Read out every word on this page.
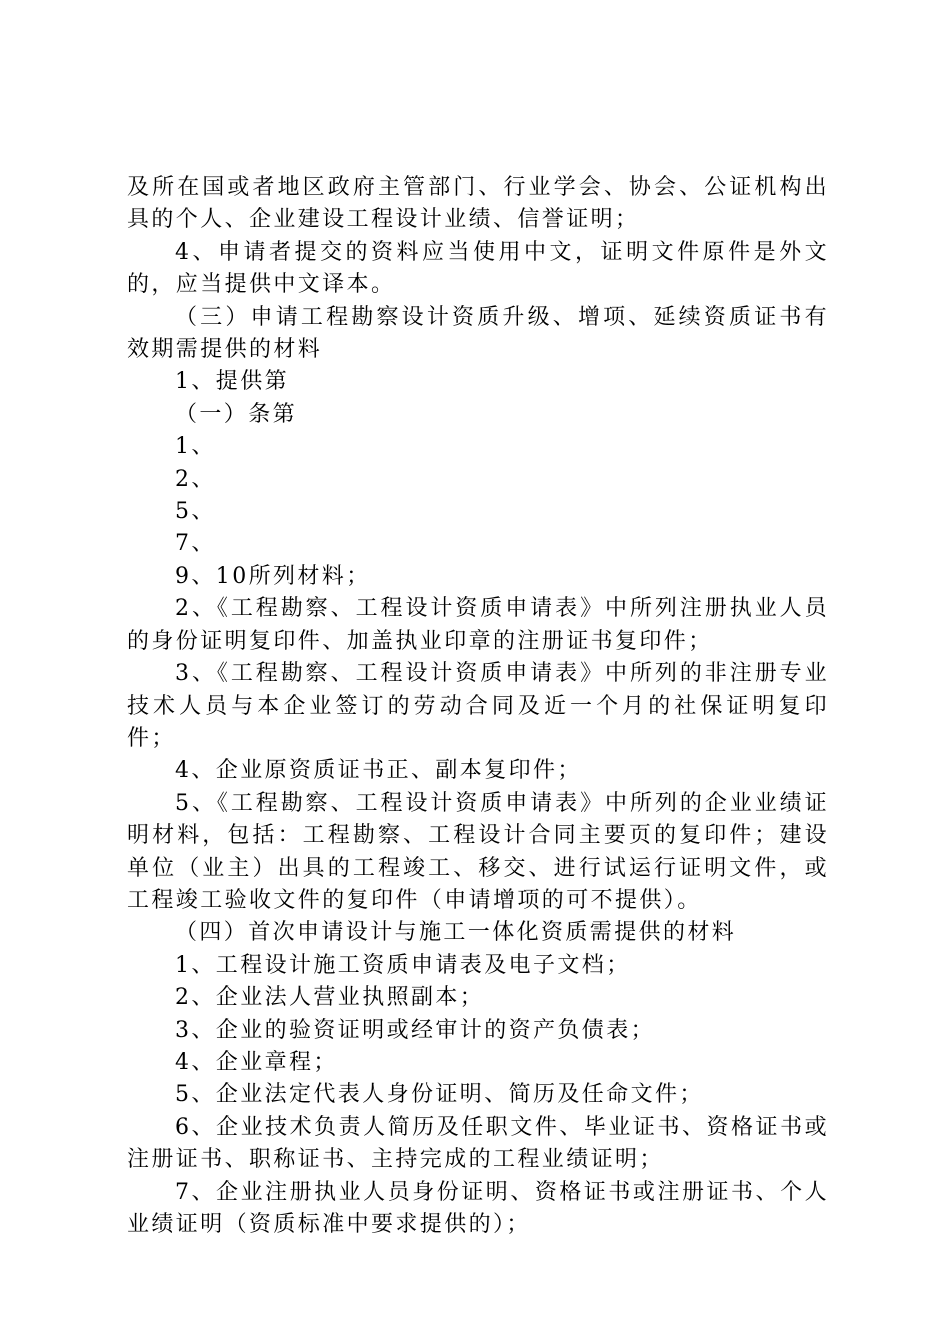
及所在国或者地区政府主管部门、行业学会、协会、公证机构出具的个人、企业建设工程设计业绩、信誉证明；

4、申请者提交的资料应当使用中文，证明文件原件是外文的，应当提供中文译本。

（三）申请工程勘察设计资质升级、增项、延续资质证书有效期需提供的材料

1、提供第

（一）条第

1、

2、

5、

7、

9、10所列材料；

2、《工程勘察、工程设计资质申请表》中所列注册执业人员的身份证明复印件、加盖执业印章的注册证书复印件；

3、《工程勘察、工程设计资质申请表》中所列的非注册专业技术人员与本企业签订的劳动合同及近一个月的社保证明复印件；

4、企业原资质证书正、副本复印件；

5、《工程勘察、工程设计资质申请表》中所列的企业业绩证明材料，包括：工程勘察、工程设计合同主要页的复印件；建设单位（业主）出具的工程竣工、移交、进行试运行证明文件，或工程竣工验收文件的复印件（申请增项的可不提供）。

（四）首次申请设计与施工一体化资质需提供的材料

1、工程设计施工资质申请表及电子文档；

2、企业法人营业执照副本；

3、企业的验资证明或经审计的资产负债表；

4、企业章程；

5、企业法定代表人身份证明、简历及任命文件；

6、企业技术负责人简历及任职文件、毕业证书、资格证书或注册证书、职称证书、主持完成的工程业绩证明；

7、企业注册执业人员身份证明、资格证书或注册证书、个人业绩证明（资质标准中要求提供的）；
